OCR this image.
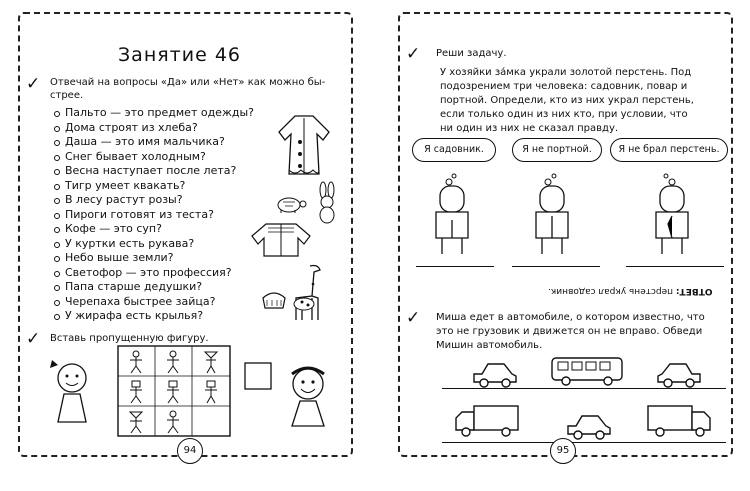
Занятие 46
✓ Отвечай на вопросы «Да» или «Нет» как можно бы-
стрее.
Пальто — это предмет одежды?
Дома строят из хлеба?
Даша — это имя мальчика?
Снег бывает холодным?
Весна наступает после лета?
Тигр умеет квакать?
В лесу растут розы?
Пироги готовят из теста?
Кофе — это суп?
У куртки есть рукава?
Небо выше земли?
Светофор — это профессия?
Папа старше дедушки?
Черепаха быстрее зайца?
У жирафа есть крылья?
✓ Вставь пропущенную фигуру.
94
✓ Реши задачу.
У хозяйки за́мка украли золотой перстень. Под
подозрением три человека: садовник, повар и
портной. Определи, кто из них украл перстень,
если только один из них кто, при условии, что
ни один из них не сказал правду.
Я садовник.	Я не портной.	Я не брал перстень.
ОТВЕТ: перстень украл садовник.
✓ Миша едет в автомобиле, о котором известно, что
это не грузовик и движется он не вправо. Обведи
Мишин автомобиль.
95
